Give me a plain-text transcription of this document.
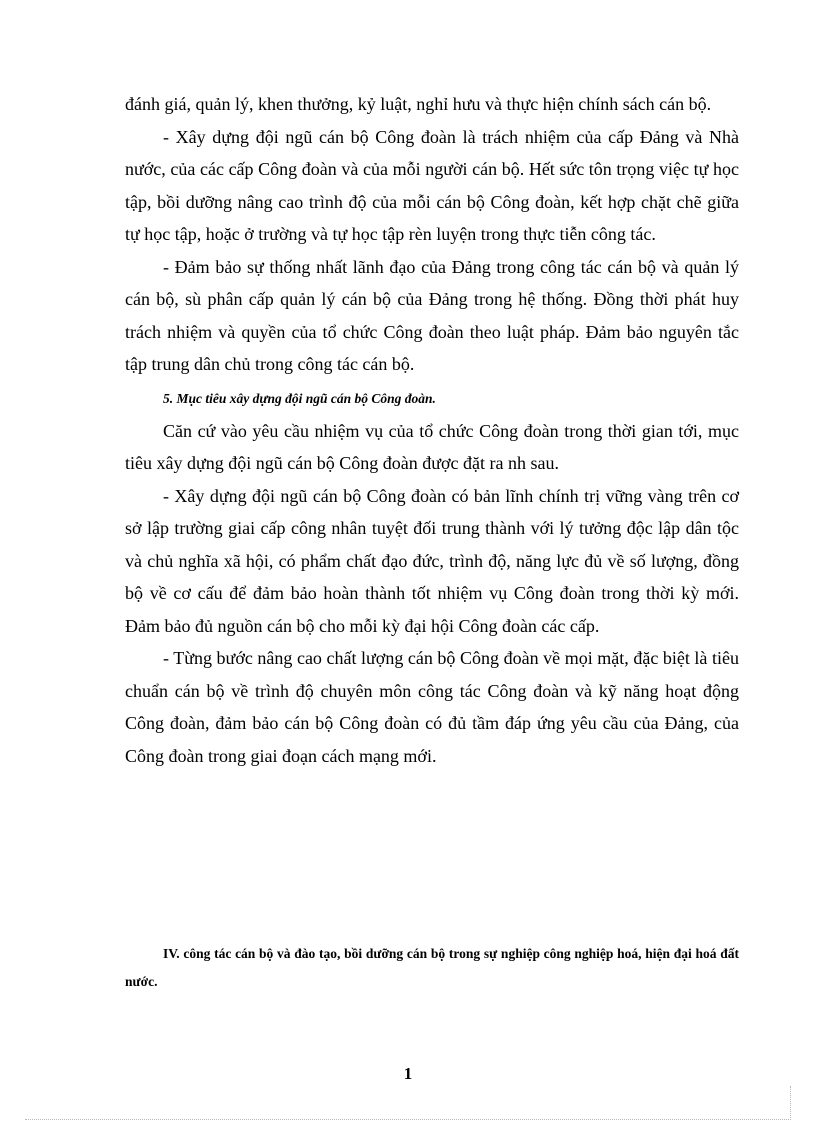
đánh giá, quản lý, khen thưởng, kỷ luật, nghỉ hưu và thực hiện chính sách cán bộ.

- Xây dựng đội ngũ cán bộ Công đoàn là trách nhiệm của cấp Đảng và Nhà nước, của các cấp Công đoàn và của mỗi người cán bộ. Hết sức tôn trọng việc tự học tập, bồi dưỡng nâng cao trình độ của mỗi cán bộ Công đoàn, kết hợp chặt chẽ giữa tự học tập, hoặc ở trường và tự học tập rèn luyện trong thực tiễn công tác.

- Đảm bảo sự thống nhất lãnh đạo của Đảng trong công tác cán bộ và quản lý cán bộ, sù phân cấp quản lý cán bộ của Đảng trong hệ thống. Đồng thời phát huy trách nhiệm và quyền của tổ chức Công đoàn theo luật pháp. Đảm bảo nguyên tắc tập trung dân chủ trong công tác cán bộ.

5. Mục tiêu xây dựng đội ngũ cán bộ Công đoàn.

Căn cứ vào yêu cầu nhiệm vụ của tổ chức Công đoàn trong thời gian tới, mục tiêu xây dựng đội ngũ cán bộ Công đoàn được đặt ra nh sau.

- Xây dựng đội ngũ cán bộ Công đoàn có bản lĩnh chính trị vững vàng trên cơ sở lập trường giai cấp công nhân tuyệt đối trung thành với lý tưởng độc lập dân tộc và chủ nghĩa xã hội, có phẩm chất đạo đức, trình độ, năng lực đủ về số lượng, đồng bộ về cơ cấu để đảm bảo hoàn thành tốt nhiệm vụ Công đoàn trong thời kỳ mới. Đảm bảo đủ nguồn cán bộ cho mỗi kỳ đại hội Công đoàn các cấp.

- Từng bước nâng cao chất lượng cán bộ Công đoàn về mọi mặt, đặc biệt là tiêu chuẩn cán bộ về trình độ chuyên môn công tác Công đoàn và kỹ năng hoạt động Công đoàn, đảm bảo cán bộ Công đoàn có đủ tầm đáp ứng yêu cầu của Đảng, của Công đoàn trong giai đoạn cách mạng mới.

IV. công tác cán bộ và đào tạo, bồi dưỡng cán bộ trong sự nghiệp công nghiệp hoá, hiện đại hoá đất nước.

1
